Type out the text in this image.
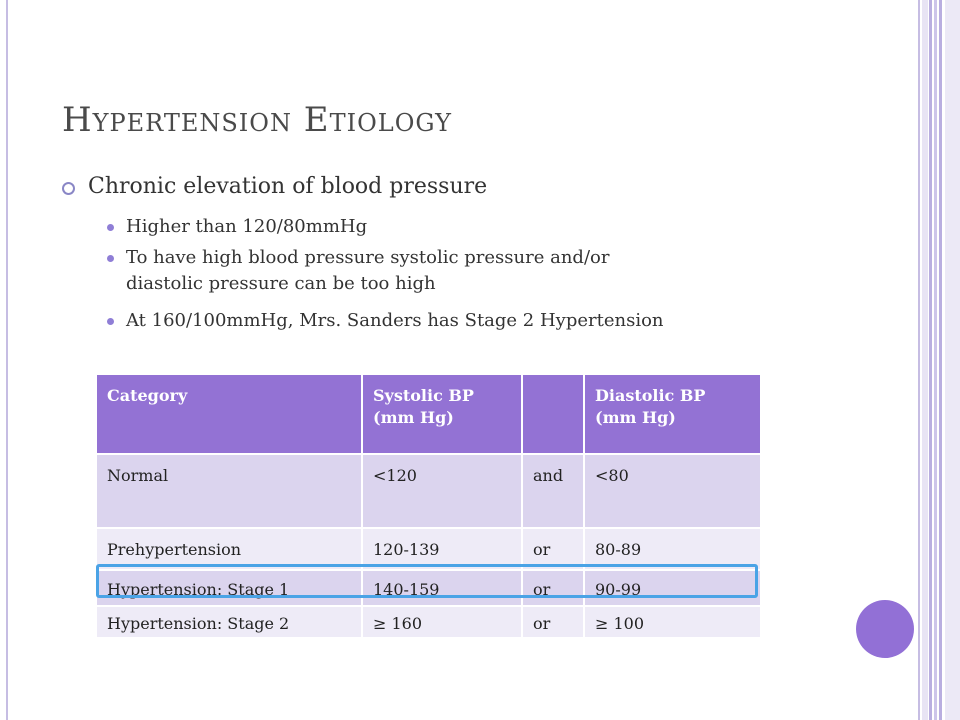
HYPERTENSION ETIOLOGY
Chronic elevation of blood pressure
Higher than 120/80mmHg
To have high blood pressure systolic pressure and/or
diastolic pressure can be too high
At 160/100mmHg, Mrs. Sanders has Stage 2 Hypertension
Category	Systolic BP (mm Hg)		Diastolic BP (mm Hg)
Normal	<120	and	<80
Prehypertension	120-139	or	80-89
Hypertension: Stage 1	140-159	or	90-99
Hypertension: Stage 2	≥ 160	or	≥ 100
